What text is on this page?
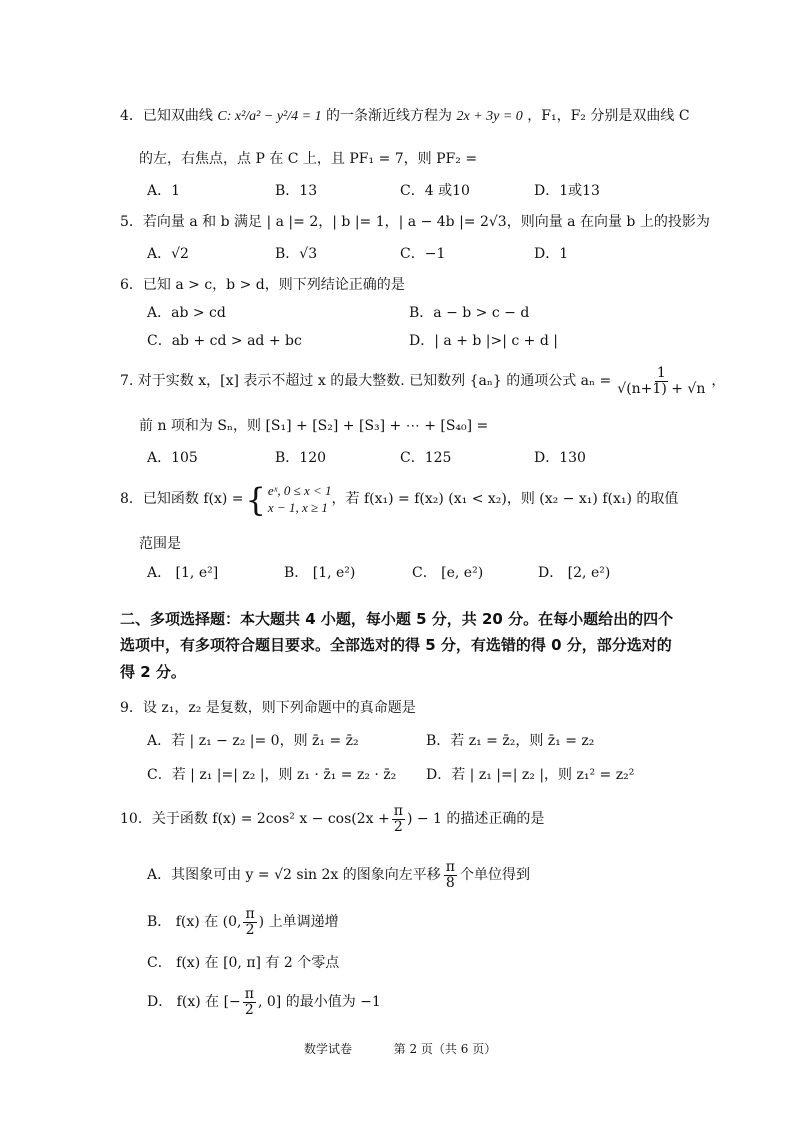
4．已知双曲线 C: x²/a² − y²/4 = 1 的一条渐近线方程为 2x + 3y = 0 ，F₁，F₂ 分别是双曲线 C
的左，右焦点，点 P 在 C 上，且 PF₁ = 7，则 PF₂ =
A．1	B．13	C．4 或10	D．1或13
5．若向量 a 和 b 满足 | a |= 2，| b |= 1，| a − 4b |= 2√3，则向量 a 在向量 b 上的投影为
A．√2	B．√3	C．−1	D．1
6．已知 a > c，b > d，则下列结论正确的是
A．ab > cd	B．a − b > c − d
C．ab + cd > ad + bc	D．| a + b |>| c + d |
7. 对于实数 x，[x] 表示不超过 x 的最大整数. 已知数列 {aₙ} 的通项公式 $a_n = \frac{1}{√(n+1) + √n}$ ，
前 n 项和为 Sₙ，则 [S₁] + [S₂] + [S₃] + ⋯ + [S₄₀] =
A．105	B．120	C．125	D．130
8．已知函数 f(x) = { eˣ, 0 ≤ x < 1
x − 1, x ≥ 1 ，若 f(x₁) = f(x₂) (x₁ < x₂)，则 (x₂ − x₁) f(x₁) 的取值
范围是
A． [1, e²]	B． [1, e²)	C． [e, e²)	D． [2, e²)
二、多项选择题：本大题共 4 小题，每小题 5 分，共 20 分。在每小题给出的四个选项中，有多项符合题目要求。全部选对的得 5 分，有选错的得 0 分，部分选对的得 2 分。
9．设 z₁，z₂ 是复数，则下列命题中的真命题是
A．若 | z₁ − z₂ |= 0，则 z̄₁ = z̄₂	B．若 z₁ = z̄₂，则 z̄₁ = z₂
C．若 | z₁ |=| z₂ |，则 z₁ · z̄₁ = z₂ · z̄₂ D．若 | z₁ |=| z₂ |，则 z₁² = z₂²
10．关于函数 f(x) = 2cos² $x - \cos(2x + \frac{\pi}{2}$ ) − 1 的描述正确的是
A．其图象可由 y = √2 sin 2x 的图象向左平移 $\frac{\pi}{8}$ 个单位得到
B． f(x) 在 (0, $\frac{\pi}{2}$ ) 上单调递增
C． f(x) 在 [0, π] 有 2 个零点
D． f(x) 在 [− $\frac{\pi}{2}$ , 0] 的最小值为 −1
数学试卷	第 2 页（共 6 页）
